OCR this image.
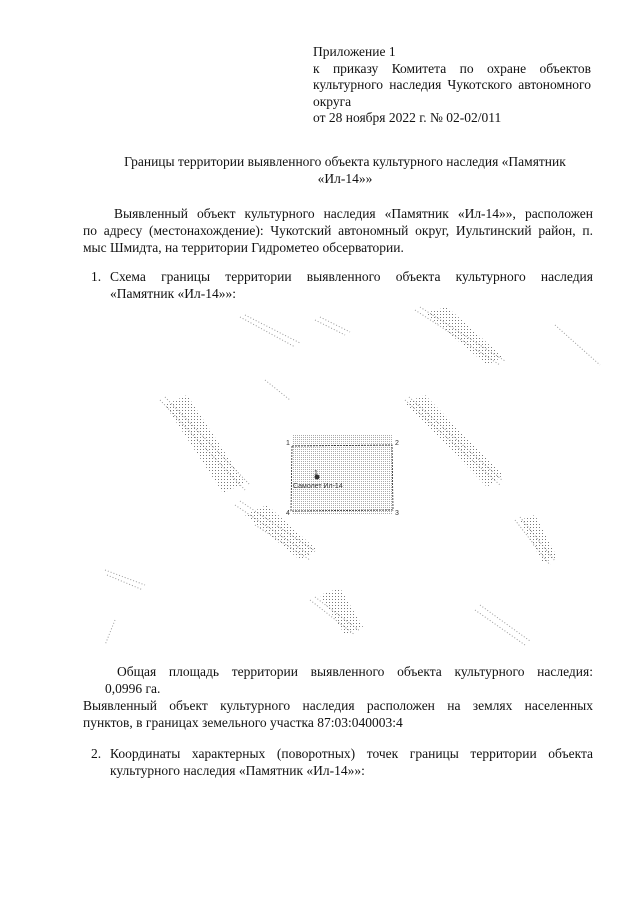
Приложение 1
к приказу Комитета по охране объектов
культурного наследия Чукотского автономного
округа
от 28 ноября 2022 г. № 02-02/011
Границы территории выявленного объекта культурного наследия «Памятник
«Ил-14»»
Выявленный объект культурного наследия «Памятник «Ил-14»», расположен
по адресу (местонахождение): Чукотский автономный округ, Иультинский район, п.
мыс Шмидта, на территории Гидрометео обсерватории.
1. Схема границы территории выявленного объекта культурного наследия
«Памятник «Ил-14»»:
1
Самолет Ил-14
1	2
3
4
Общая площадь территории выявленного объекта культурного наследия:
0,0996 га.
Выявленный объект культурного наследия расположен на землях населенных
пунктов, в границах земельного участка 87:03:040003:4
2. Координаты характерных (поворотных) точек границы территории объекта
культурного наследия «Памятник «Ил-14»»:
